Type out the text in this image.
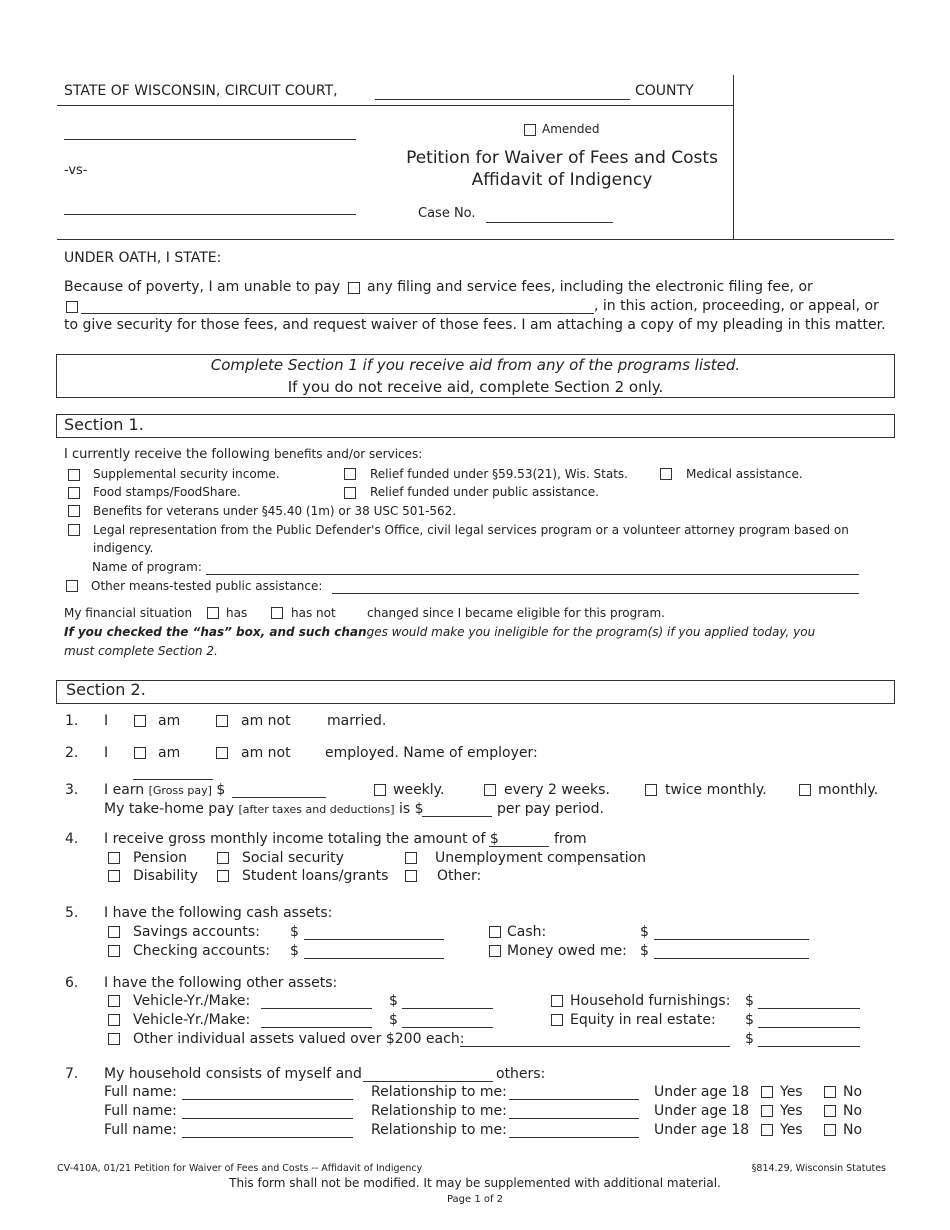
STATE OF WISCONSIN, CIRCUIT COURT,	COUNTY
-vs-
Amended
Petition for Waiver of Fees and Costs
Affidavit of Indigency
Case No.
UNDER OATH, I STATE:
Because of poverty, I am unable to pay any filing and service fees, including the electronic filing fee, or
, in this action, proceeding, or appeal, or
to give security for those fees, and request waiver of those fees. I am attaching a copy of my pleading in this matter.
Complete Section 1 if you receive aid from any of the programs listed.
If you do not receive aid, complete Section 2 only.
Section 1.
I currently receive the following benefits and/or services:
Supplemental security income.	Relief funded under §59.53(21), Wis. Stats.	Medical assistance.
Food stamps/FoodShare.	Relief funded under public assistance.
Benefits for veterans under §45.40 (1m) or 38 USC 501-562.
Legal representation from the Public Defender's Office, civil legal services program or a volunteer attorney program based on
indigency.
Name of program:
Other means-tested public assistance:
My financial situation	has	has not	changed since I became eligible for this program.
If you checked the “has” box, and such changes would make you ineligible for the program(s) if you applied today, you
must complete Section 2.
Section 2.
1. I	am	am not	married.
2. I	am	am not employed. Name of employer:
3. I earn [Gross pay] $	weekly.	every 2 weeks.	twice monthly.	monthly.
My take-home pay [after taxes and deductions] is $	per pay period.
4. I receive gross monthly income totaling the amount of $	from
Pension	Social security	Unemployment compensation
Disability	Student loans/grants	Other:
5. I have the following cash assets:
Savings accounts: $	Cash:	$
Checking accounts: $	Money owed me: $
6. I have the following other assets:
Vehicle-Yr./Make:	$	Household furnishings: $
Vehicle-Yr./Make:	$	Equity in real estate: $
Other individual assets valued over $200 each:	$
7. My household consists of myself and	others:
Full name:	Relationship to me:	Under age 18 Yes	No
Full name:	Relationship to me:	Under age 18 Yes	No
Full name:	Relationship to me:	Under age 18 Yes	No
CV-410A, 01/21 Petition for Waiver of Fees and Costs -- Affidavit of Indigency	§814.29, Wisconsin Statutes
This form shall not be modified. It may be supplemented with additional material.
Page 1 of 2
